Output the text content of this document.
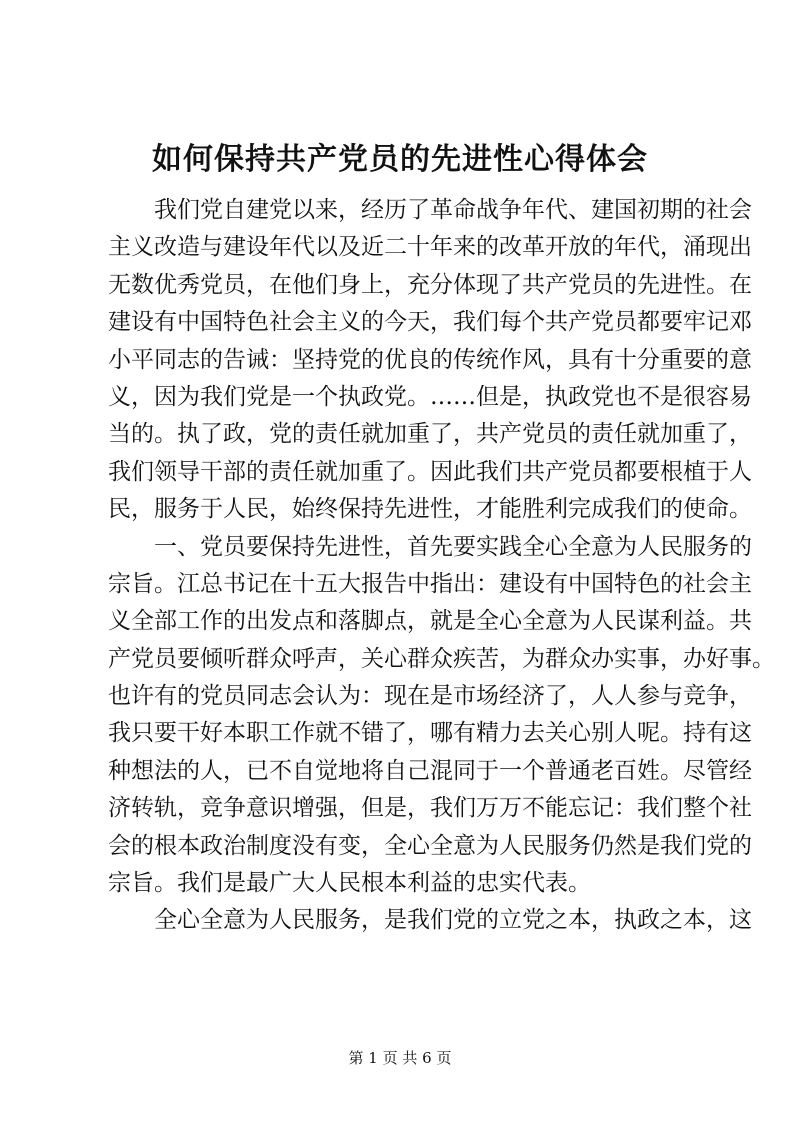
如何保持共产党员的先进性心得体会
我们党自建党以来，经历了革命战争年代、建国初期的社会
主义改造与建设年代以及近二十年来的改革开放的年代，涌现出
无数优秀党员，在他们身上，充分体现了共产党员的先进性。在
建设有中国特色社会主义的今天，我们每个共产党员都要牢记邓
小平同志的告诫：坚持党的优良的传统作风，具有十分重要的意
义，因为我们党是一个执政党。……但是，执政党也不是很容易
当的。执了政，党的责任就加重了，共产党员的责任就加重了，
我们领导干部的责任就加重了。因此我们共产党员都要根植于人
民，服务于人民，始终保持先进性，才能胜利完成我们的使命。
一、党员要保持先进性，首先要实践全心全意为人民服务的
宗旨。江总书记在十五大报告中指出：建设有中国特色的社会主
义全部工作的出发点和落脚点，就是全心全意为人民谋利益。共
产党员要倾听群众呼声，关心群众疾苦，为群众办实事，办好事。
也许有的党员同志会认为：现在是市场经济了，人人参与竞争，
我只要干好本职工作就不错了，哪有精力去关心别人呢。持有这
种想法的人，已不自觉地将自己混同于一个普通老百姓。尽管经
济转轨，竞争意识增强，但是，我们万万不能忘记：我们整个社
会的根本政治制度没有变，全心全意为人民服务仍然是我们党的
宗旨。我们是最广大人民根本利益的忠实代表。
全心全意为人民服务，是我们党的立党之本，执政之本，这
第 1 页 共 6 页
